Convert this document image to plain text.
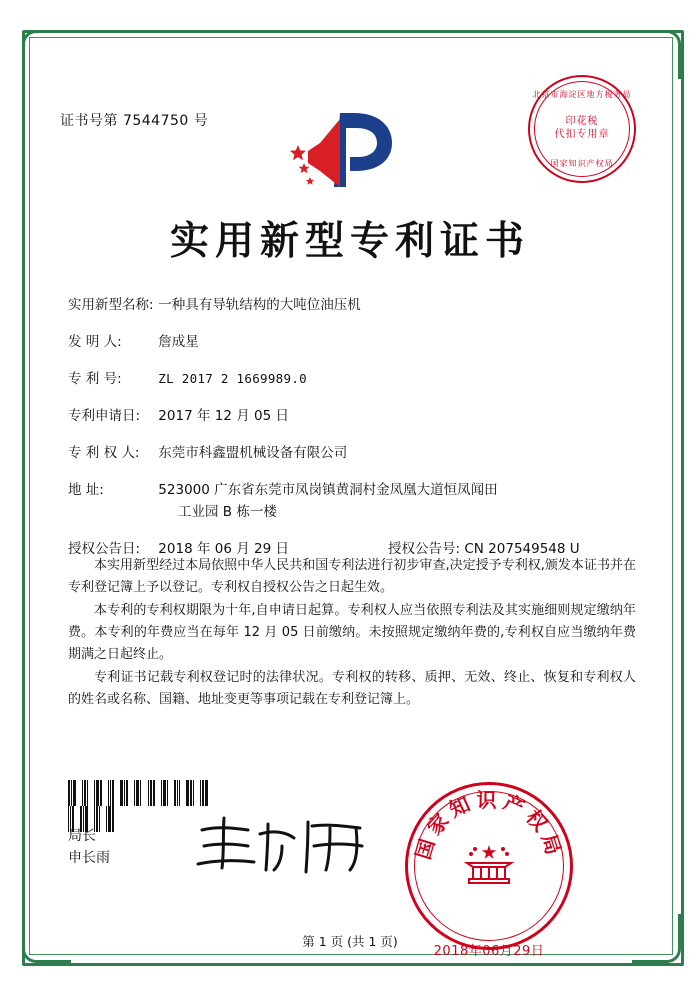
证书号第 7544750 号
北京市海淀区地方税务局
印花税
代扣专用章
国家知识产权局
实用新型专利证书
实用新型名称: 一种具有导轨结构的大吨位油压机
发 明 人:	詹成星
专 利 号:	ZL 2017 2 1669989.0
专利申请日: 2017 年 12 月 05 日
专 利 权 人: 东莞市科鑫盟机械设备有限公司
地 址:	523000 广东省东莞市凤岗镇黄洞村金凤凰大道恒凤闻田
工业园 B 栋一楼
授权公告日: 2018 年 06 月 29 日	授权公告号: CN 207549548 U

本实用新型经过本局依照中华人民共和国专利法进行初步审查,决定授予专利权,颁发本证书并在专利登记簿上予以登记。专利权自授权公告之日起生效。

本专利的专利权期限为十年,自申请日起算。专利权人应当依照专利法及其实施细则规定缴纳年费。本专利的年费应当在每年 12 月 05 日前缴纳。未按照规定缴纳年费的,专利权自应当缴纳年费期满之日起终止。

专利证书记载专利权登记时的法律状况。专利权的转移、质押、无效、终止、恢复和专利权人的姓名或名称、国籍、地址变更等事项记载在专利登记簿上。

局长
申长雨	国家知识产权局
2018年06月29日
第 1 页 (共 1 页)
